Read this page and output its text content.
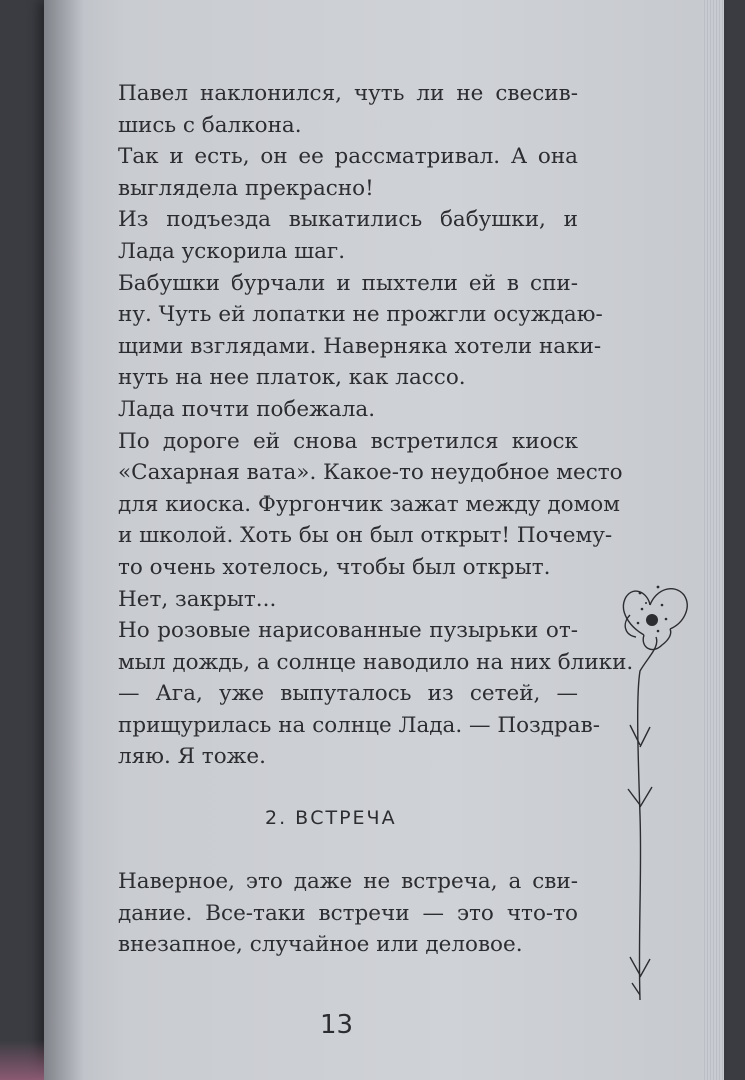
Павел наклонился, чуть ли не свесив-
шись с балкона.

Так и есть, он ее рассматривал. А она
выглядела прекрасно!

Из подъезда выкатились бабушки, и
Лада ускорила шаг.

Бабушки бурчали и пыхтели ей в спи-
ну. Чуть ей лопатки не прожгли осуждаю-
щими взглядами. Наверняка хотели наки-
нуть на нее платок, как лассо.

Лада почти побежала.

По дороге ей снова встретился киоск
«Сахарная вата». Какое-то неудобное место
для киоска. Фургончик зажат между домом
и школой. Хоть бы он был открыт! Почему-
то очень хотелось, чтобы был открыт.

Нет, закрыт...

Но розовые нарисованные пузырьки от-
мыл дождь, а солнце наводило на них блики.

— Ага, уже выпуталось из сетей, —
прищурилась на солнце Лада. — Поздрав-
ляю. Я тоже.

2. ВСТРЕЧА

Наверное, это даже не встреча, а сви-
дание. Все-таки встречи — это что-то
внезапное, случайное или деловое.

13
